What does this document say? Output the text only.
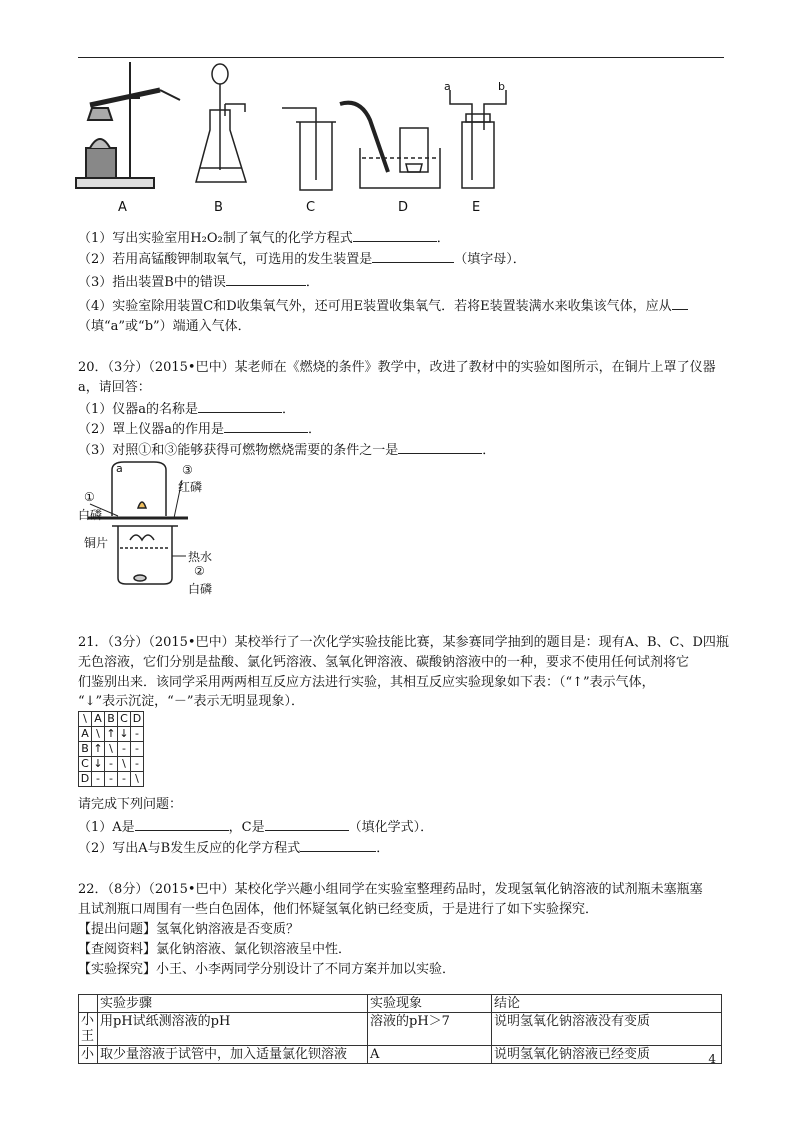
A	B	C	D	E
a	b
（1）写出实验室用H₂O₂制了氧气的化学方程式	．
（2）若用高锰酸钾制取氧气，可选用的发生装置是	（填字母）．
（3）指出装置B中的错误	．
（4）实验室除用装置C和D收集氧气外，还可用E装置收集氧气．若将E装置装满水来收集该气体，应从
（填“a”或“b”）端通入气体．
20．（3分）（2015•巴中）某老师在《燃烧的条件》教学中，改进了教材中的实验如图所示，在铜片上罩了仪器
a，请回答：
（1）仪器a的名称是	．
（2）罩上仪器a的作用是	．
（3）对照①和③能够获得可燃物燃烧需要的条件之一是	．
a	③
红磷
①
白磷
铜片
热水
②
白磷
21．（3分）（2015•巴中）某校举行了一次化学实验技能比赛，某参赛同学抽到的题目是：现有A、B、C、D四瓶
无色溶液，它们分别是盐酸、氯化钙溶液、氢氧化钾溶液、碳酸钠溶液中的一种，要求不使用任何试剂将它
们鉴别出来．该同学采用两两相互反应方法进行实验，其相互反应实验现象如下表：（“↑”表示气体，
“↓”表示沉淀，“－”表示无明显现象）．
\	A	B	C	D
A	\	↑	↓	-
B	↑	\	-	-
C	↓	-	\	-
D	-	-	-	\
请完成下列问题：
（1）A是	，C是	（填化学式）．
（2）写出A与B发生反应的化学方程式	．
22．（8分）（2015•巴中）某校化学兴趣小组同学在实验室整理药品时，发现氢氧化钠溶液的试剂瓶未塞瓶塞
且试剂瓶口周围有一些白色固体，他们怀疑氢氧化钠已经变质，于是进行了如下实验探究．
【提出问题】氢氧化钠溶液是否变质？
【查阅资料】氯化钠溶液、氯化钡溶液呈中性．
【实验探究】小王、小李两同学分别设计了不同方案并加以实验．
	实验步骤	实验现象	结论
小王	用pH试纸测溶液的pH	溶液的pH＞7	说明氢氧化钠溶液没有变质
小	取少量溶液于试管中，加入适量氯化钡溶液	A	说明氢氧化钠溶液已经变质	4
